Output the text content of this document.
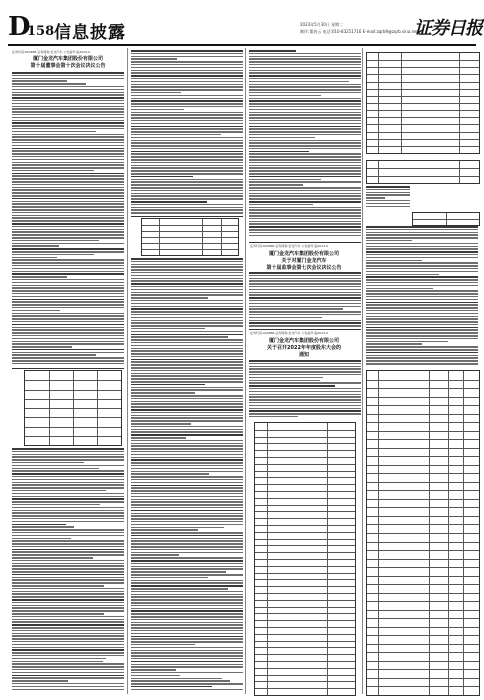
D
158 信息披露	2023年5月30日 星期二
制作:董春云 电话:010-83251716 E-mail:zqrb9@zqrb.sina.net
证券日报
证券代码:600686 证券简称:金龙汽车 公告编号:临2023-0
厦门金龙汽车集团股份有限公司
第十届董事会第十次会议决议公告
证券代码:600686 证券简称:金龙汽车 公告编号:临2023-0
厦门金龙汽车集团股份有限公司
关于对厦门金龙汽车
第十届监事会第七次会议决议公告
证券代码:600686 证券简称:金龙汽车 公告编号:临2023-0
厦门金龙汽车集团股份有限公司
关于召开2022年年度股东大会的
通知
